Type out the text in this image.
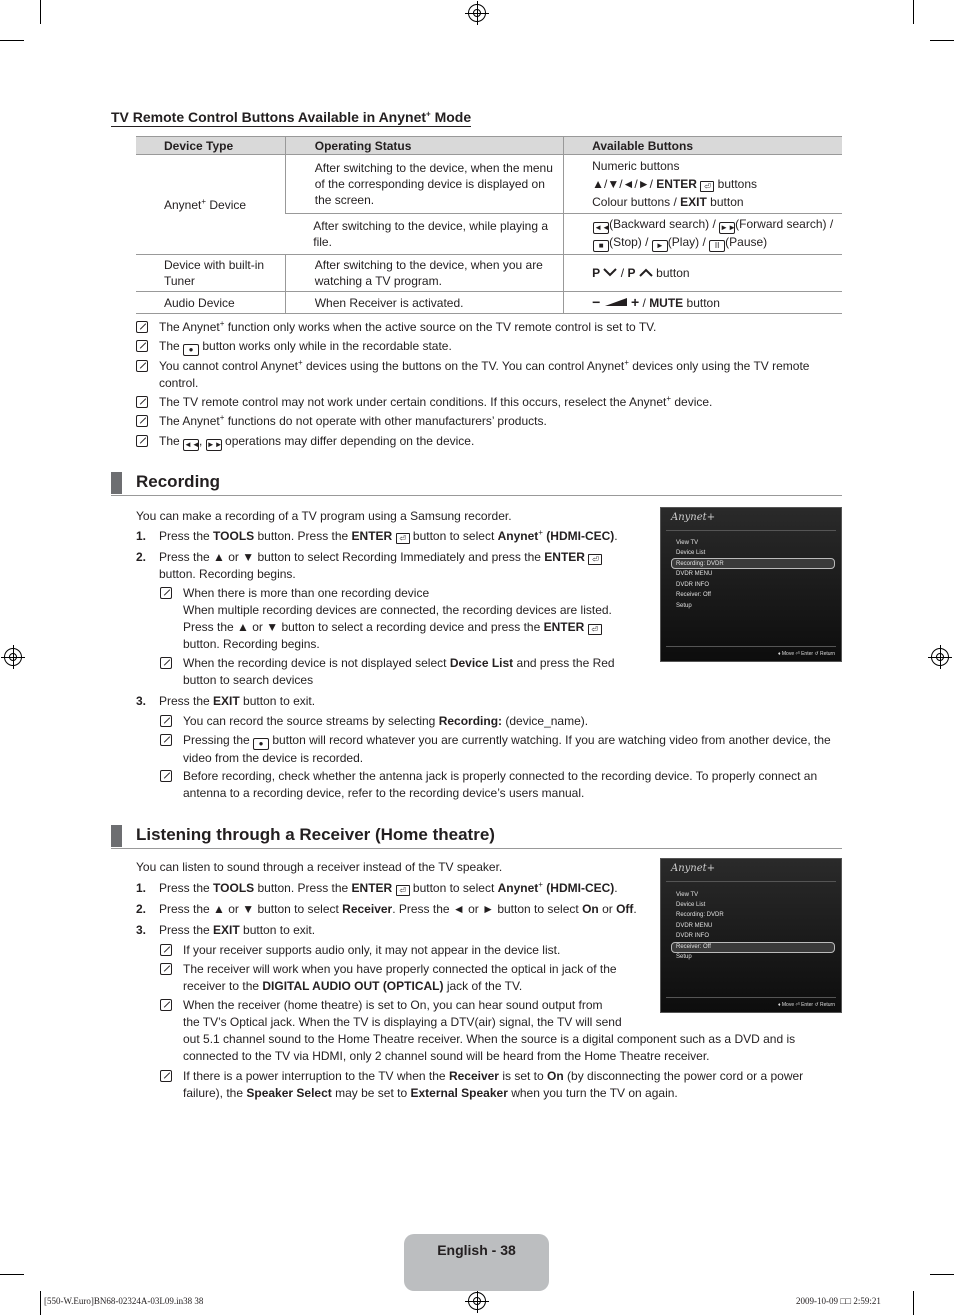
TV Remote Control Buttons Available in Anynet+ Mode
Device Type	Operating Status	Available Buttons
Anynet+ Device	After switching to the device, when the menu of the corresponding device is displayed on the screen.	Numeric buttons
▲/▼/◄/►/ ENTER ⏎ buttons
Colour buttons / EXIT button

	After switching to the device, while playing a file.	◄◄(Backward search) / ►►(Forward search) /
■ (Stop) / ► (Play) / II (Pause)

Device with built-in Tuner	After switching to the device, when you are watching a TV program.	P  / P  button
Audio Device	When Receiver is activated.	− + / MUTE button
The Anynet+ function only works when the active source on the TV remote control is set to TV.
The ● button works only while in the recordable state.
You cannot control Anynet+ devices using the buttons on the TV. You can control Anynet+ devices only using the TV remote control.
The TV remote control may not work under certain conditions. If this occurs, reselect the Anynet+ device.
The Anynet+ functions do not operate with other manufacturers’ products.
The ◄◄, ►► operations may differ depending on the device.
Recording
You can make a recording of a TV program using a Samsung recorder.
1. Press the TOOLS button. Press the ENTER ⏎ button to select Anynet+ (HDMI-CEC).
2. Press the ▲ or ▼ button to select Recording Immediately and press the ENTER ⏎
button. Recording begins.
When there is more than one recording device
When multiple recording devices are connected, the recording devices are listed.
Press the ▲ or ▼ button to select a recording device and press the ENTER ⏎
button. Recording begins.
When the recording device is not displayed select Device List and press the Red
button to search devices
3. Press the EXIT button to exit.
You can record the source streams by selecting Recording: (device_name).
Pressing the ● button will record whatever you are currently watching. If you are watching video from another device, the video from the device is recorded.
Before recording, check whether the antenna jack is properly connected to the recording device. To properly connect an antenna to a recording device, refer to the recording device’s users manual.
Anynet+
View TV
Device List
Recording: DVDR
DVDR MENU
DVDR INFO
Receiver: Off
Setup
♦ Move ⏎ Enter ↺ Return
Listening through a Receiver (Home theatre)
You can listen to sound through a receiver instead of the TV speaker.
1. Press the TOOLS button. Press the ENTER ⏎ button to select Anynet+ (HDMI-CEC).
2. Press the ▲ or ▼ button to select Receiver. Press the ◄ or ► button to select On or Off.
3. Press the EXIT button to exit.
If your receiver supports audio only, it may not appear in the device list.
The receiver will work when you have properly connected the optical in jack of the
receiver to the DIGITAL AUDIO OUT (OPTICAL) jack of the TV.
When the receiver (home theatre) is set to On, you can hear sound output from
the TV’s Optical jack. When the TV is displaying a DTV(air) signal, the TV will send
out 5.1 channel sound to the Home Theatre receiver. When the source is a digital component such as a DVD and is
connected to the TV via HDMI, only 2 channel sound will be heard from the Home Theatre receiver.
If there is a power interruption to the TV when the Receiver is set to On (by disconnecting the power cord or a power failure), the Speaker Select may be set to External Speaker when you turn the TV on again.
Anynet+
View TV
Device List
Recording: DVDR
DVDR MENU
DVDR INFO
Receiver: Off
Setup
♦ Move ⏎ Enter ↺ Return
English - 38
[550-W.Euro]BN68-02324A-03L09.in38 38	2009-10-09 □□ 2:59:21
